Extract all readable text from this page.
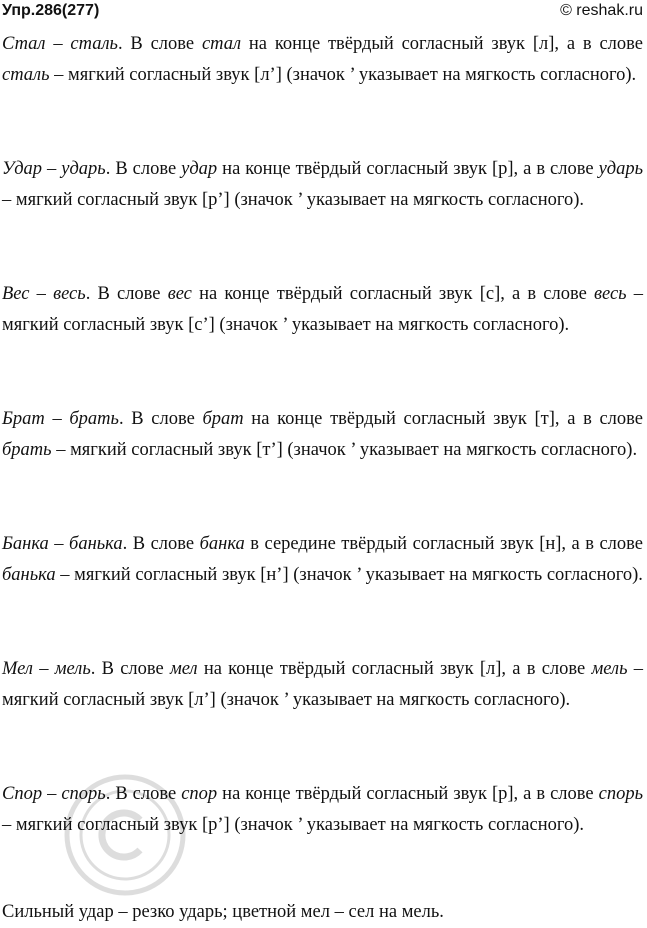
Упр.286(277)	© reshak.ru

Стал – сталь. В слове стал на конце твёрдый согласный звук [л], а в слове сталь – мягкий согласный звук [л’] (значок ’ указывает на мягкость согласного).

Удар – ударь. В слове удар на конце твёрдый согласный звук [р], а в слове ударь – мягкий согласный звук [р’] (значок ’ указывает на мягкость согласного).

Вес – весь. В слове вес на конце твёрдый согласный звук [с], а в слове весь – мягкий согласный звук [с’] (значок ’ указывает на мягкость согласного).

Брат – брать. В слове брат на конце твёрдый согласный звук [т], а в слове брать – мягкий согласный звук [т’] (значок ’ указывает на мягкость согласного).

Банка – банька. В слове банка в середине твёрдый согласный звук [н], а в слове банька – мягкий согласный звук [н’] (значок ’ указывает на мягкость согласного).

Мел – мель. В слове мел на конце твёрдый согласный звук [л], а в слове мель – мягкий согласный звук [л’] (значок ’ указывает на мягкость согласного).

Спор – спорь. В слове спор на конце твёрдый согласный звук [р], а в слове спорь – мягкий согласный звук [р’] (значок ’ указывает на мягкость согласного).

Сильный удар – резко ударь; цветной мел – сел на мель.
